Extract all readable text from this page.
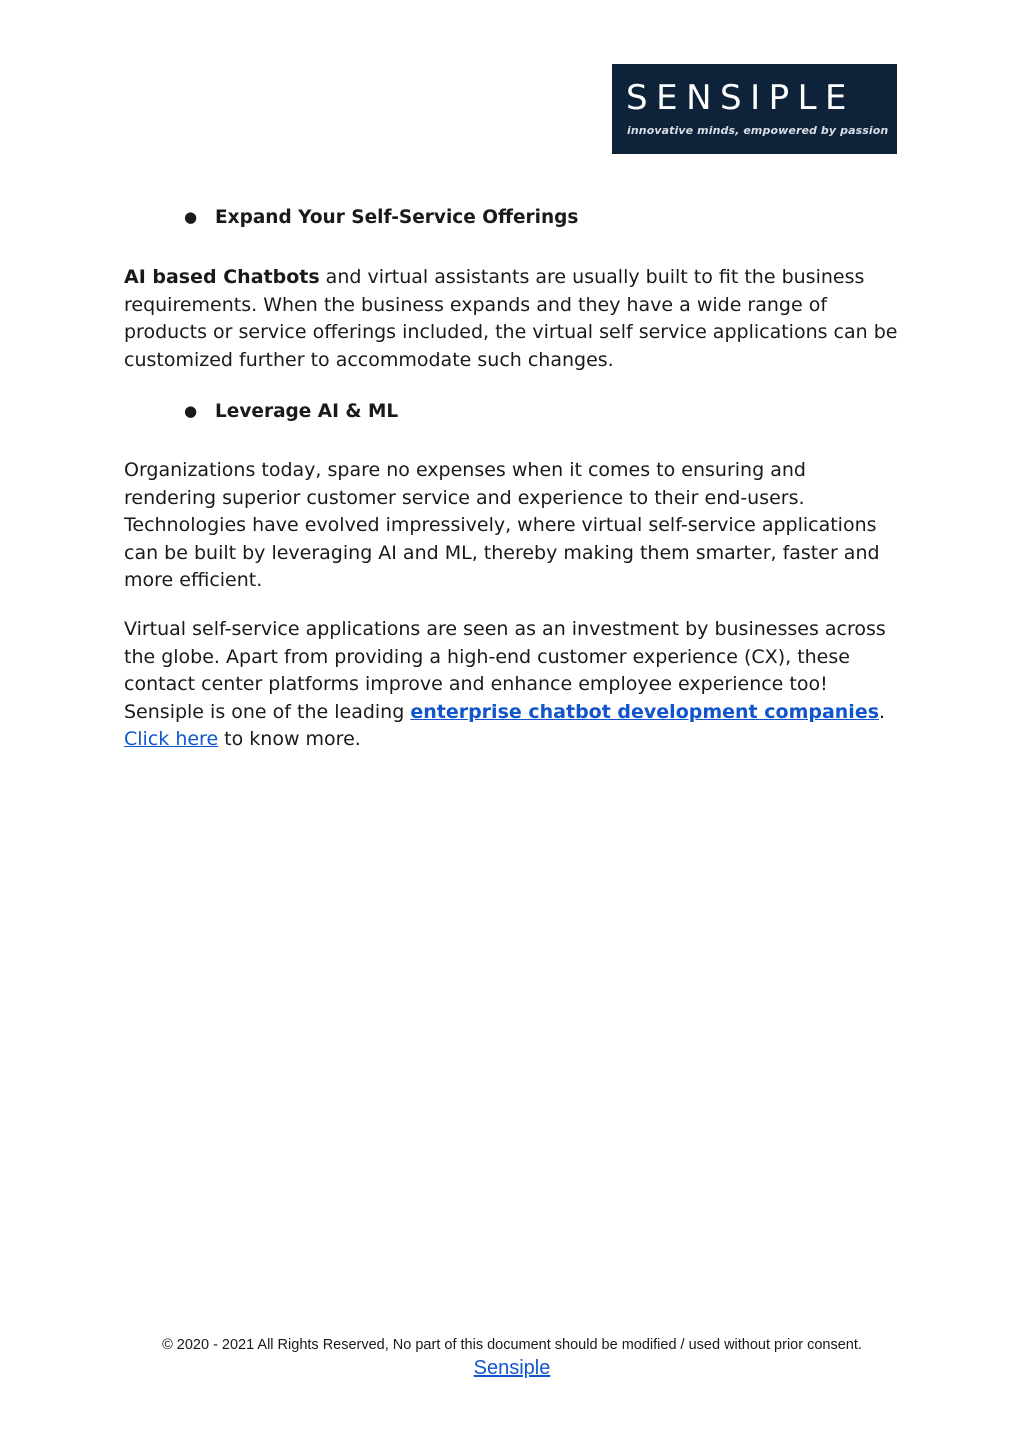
SENSIPLE
innovative minds, empowered by passion
● Expand Your Self-Service Offerings

AI based Chatbots and virtual assistants are usually built to fit the business requirements. When the business expands and they have a wide range of products or service offerings included, the virtual self service applications can be customized further to accommodate such changes.

● Leverage AI & ML

Organizations today, spare no expenses when it comes to ensuring and rendering superior customer service and experience to their end-users. Technologies have evolved impressively, where virtual self-service applications can be built by leveraging AI and ML, thereby making them smarter, faster and more efficient.

Virtual self-service applications are seen as an investment by businesses across the globe. Apart from providing a high-end customer experience (CX), these contact center platforms improve and enhance employee experience too! Sensiple is one of the leading enterprise chatbot development companies. Click here to know more.

© 2020 - 2021 All Rights Reserved, No part of this document should be modified / used without prior consent.
Sensiple
